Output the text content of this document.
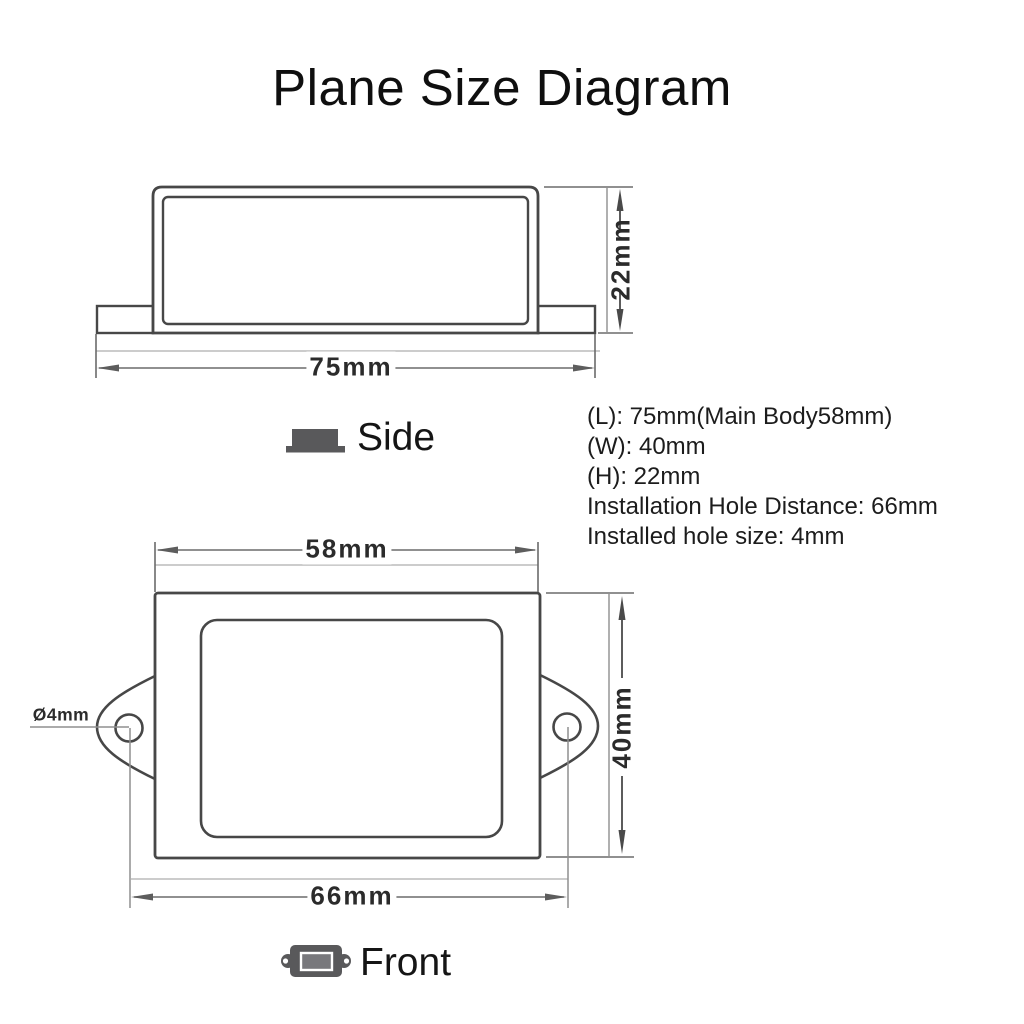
Plane Size Diagram
Side
Front
(L): 75mm(Main Body58mm)
(W): 40mm
(H): 22mm
Installation Hole Distance: 66mm
Installed hole size: 4mm
75mm
22mm
58mm
40mm
66mm
Ø4mm
